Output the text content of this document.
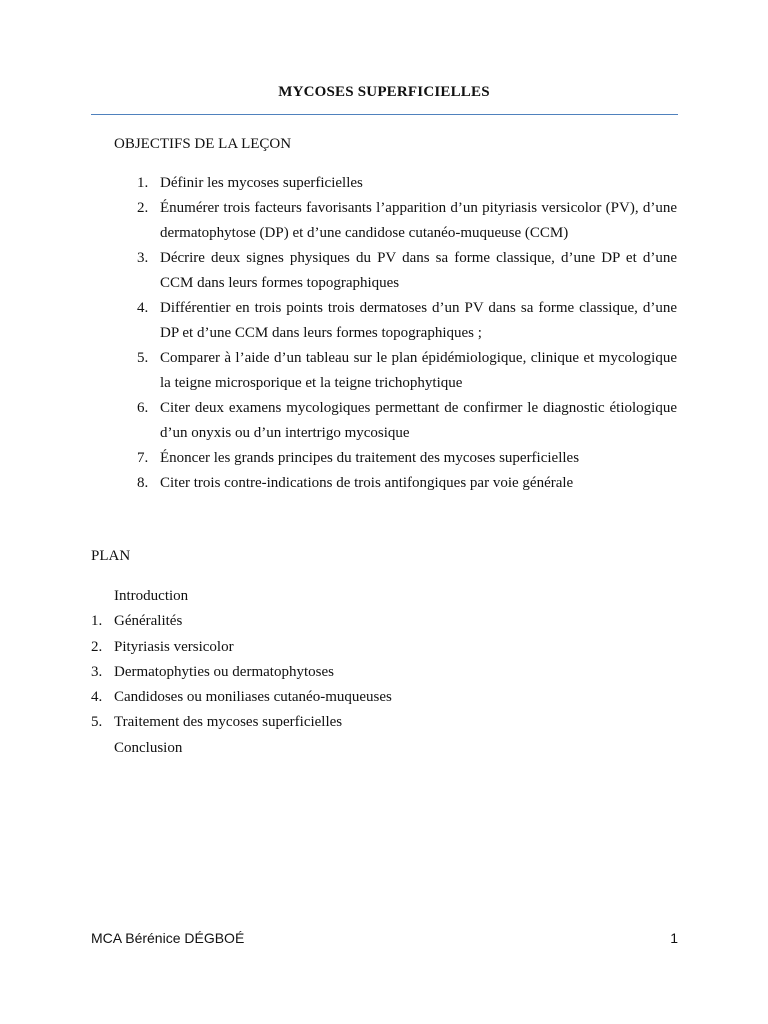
MYCOSES SUPERFICIELLES
OBJECTIFS DE LA LEÇON
1. Définir les mycoses superficielles
2. Énumérer trois facteurs favorisants l’apparition d’un pityriasis versicolor (PV), d’une dermatophytose (DP) et d’une candidose cutanéo-muqueuse (CCM)
3. Décrire deux signes physiques du PV dans sa forme classique, d’une DP et d’une CCM dans leurs formes topographiques
4. Différentier en trois points trois dermatoses d’un PV dans sa forme classique, d’une DP et d’une CCM dans leurs formes topographiques ;
5. Comparer à l’aide d’un tableau sur le plan épidémiologique, clinique et mycologique la teigne microsporique et la teigne trichophytique
6. Citer deux examens mycologiques permettant de confirmer le diagnostic étiologique d’un onyxis ou d’un intertrigo mycosique
7. Énoncer les grands principes du traitement des mycoses superficielles
8. Citer trois contre-indications de trois antifongiques par voie générale
PLAN
Introduction
1. Généralités
2. Pityriasis versicolor
3. Dermatophyties ou dermatophytoses
4. Candidoses ou moniliases cutanéo-muqueuses
5. Traitement des mycoses superficielles
Conclusion
MCA Bérénice DÉGBOÉ	1
